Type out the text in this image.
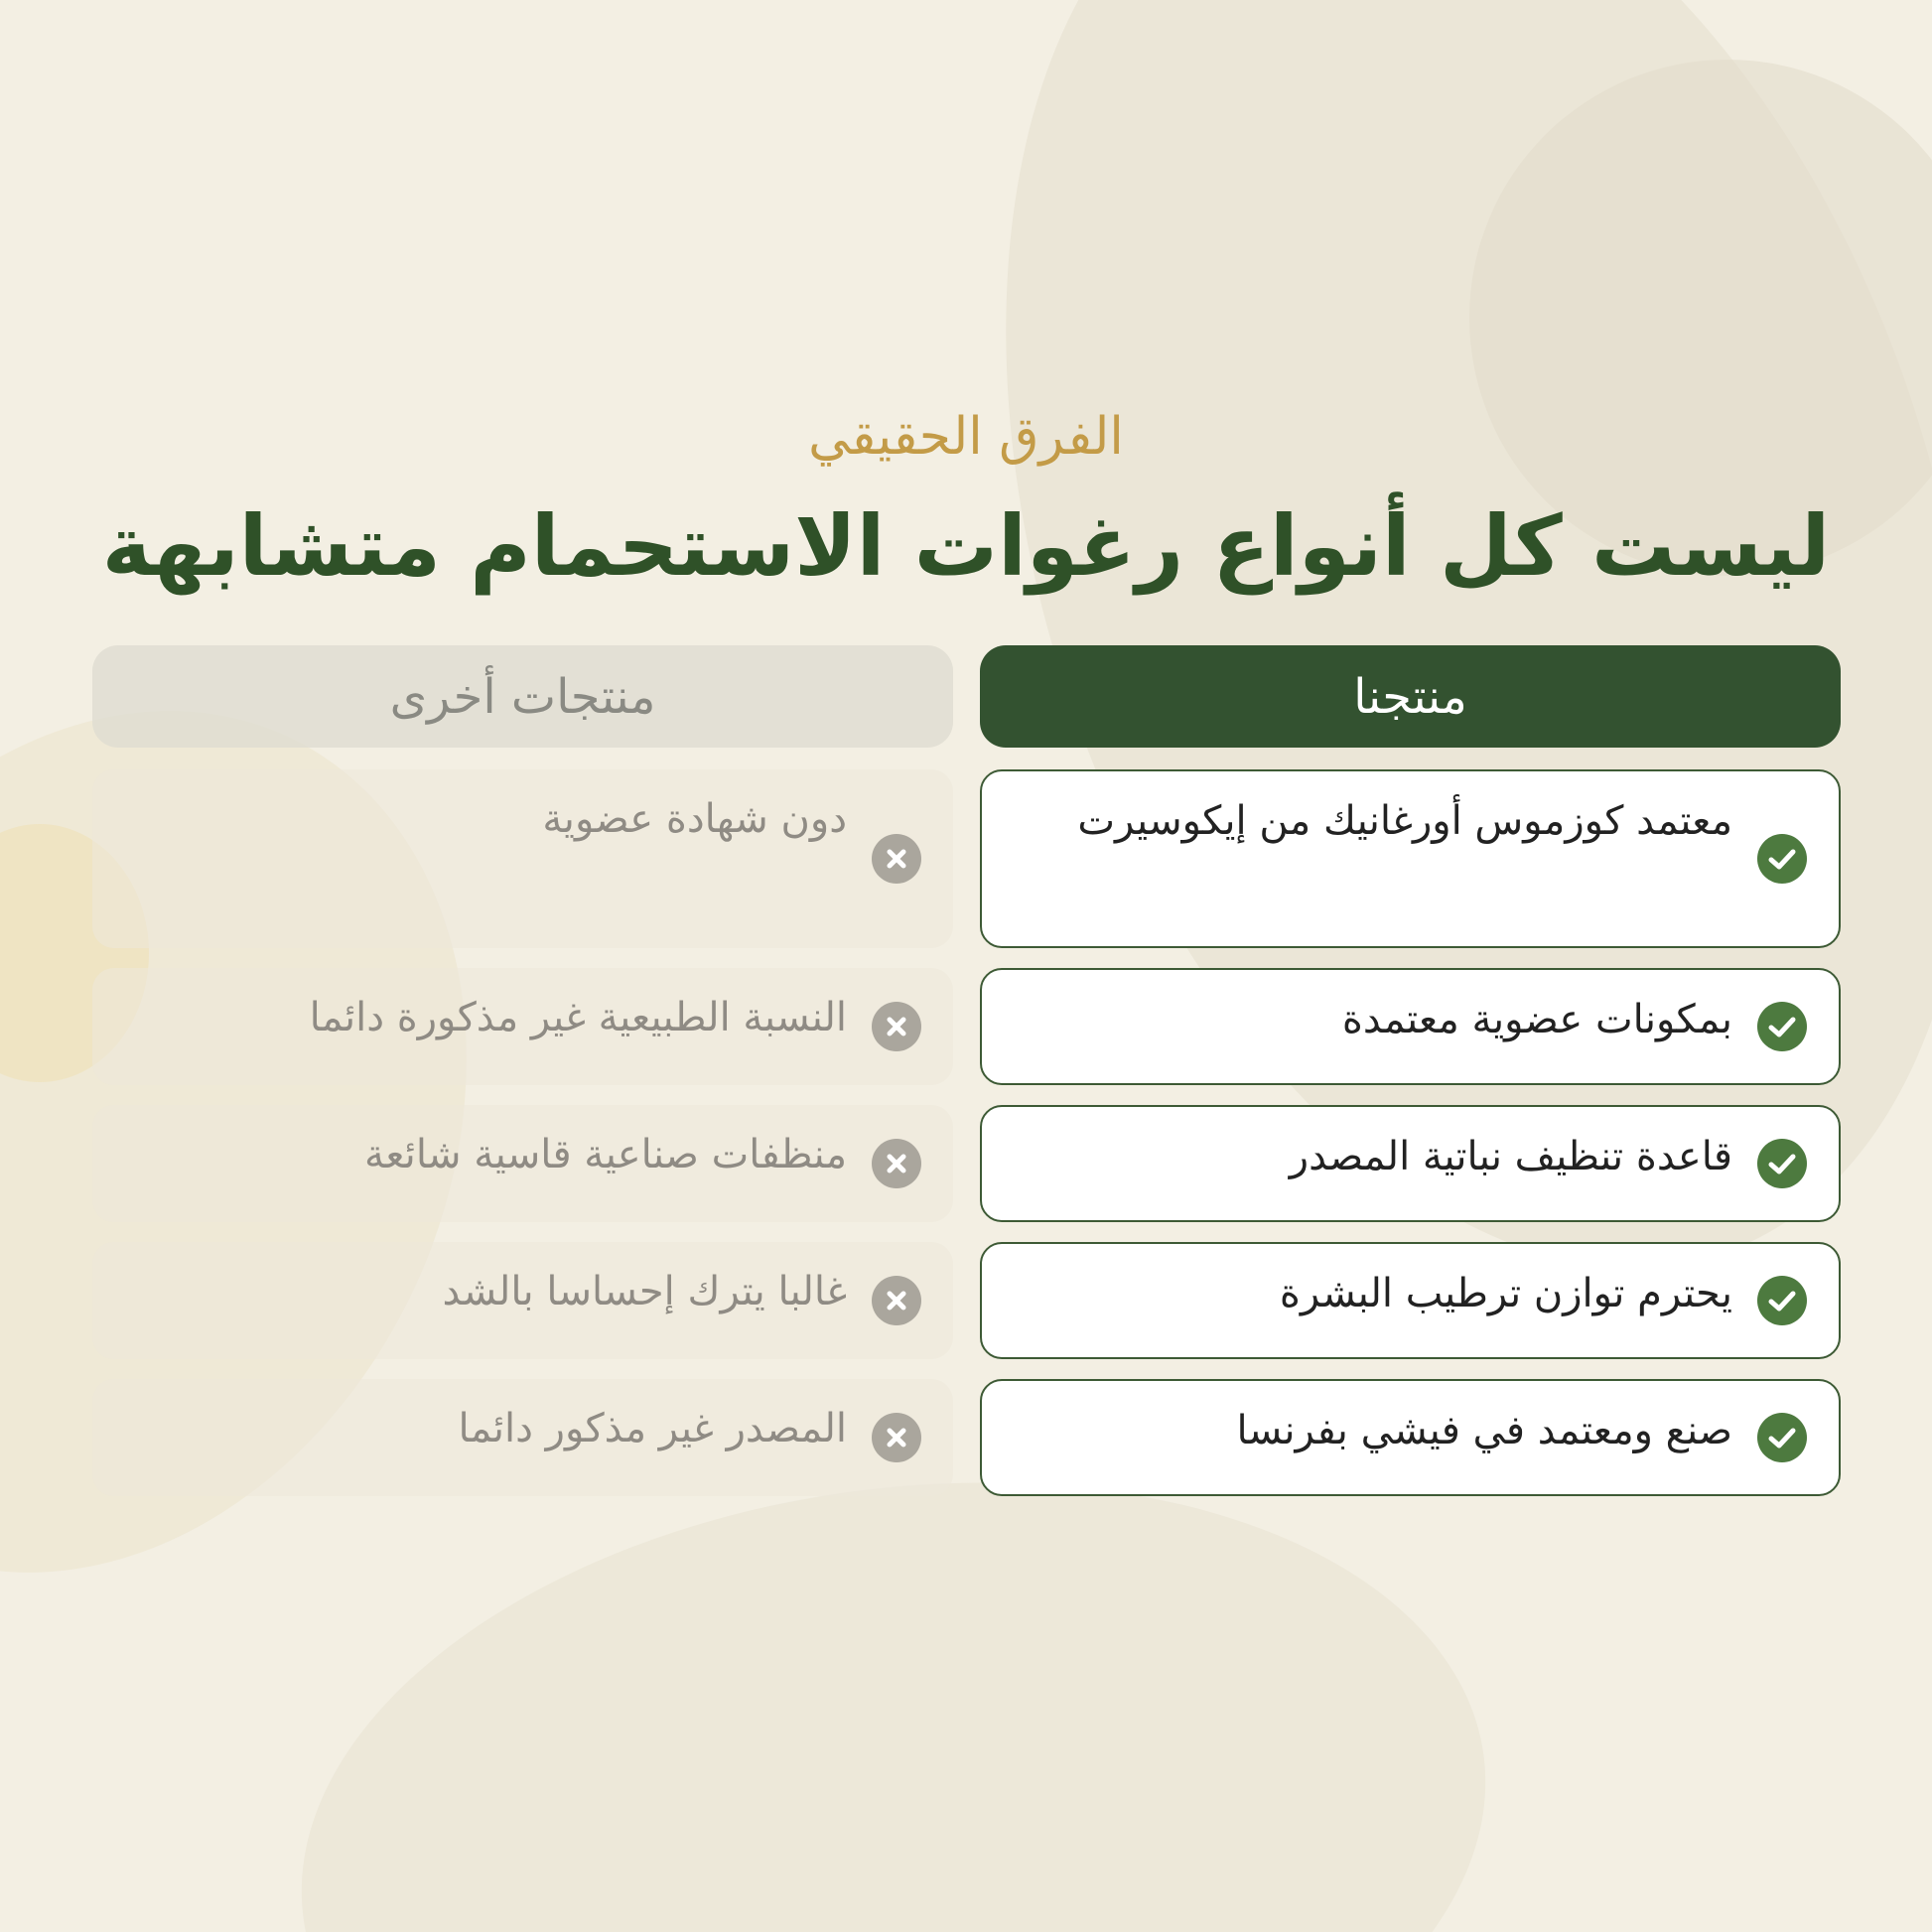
الفرق الحقيقي

ليست كل أنواع رغوات الاستحمام متشابهة
منتجنا
معتمد كوزموس أورغانيك من إيكوسيرت
بمكونات عضوية معتمدة
قاعدة تنظيف نباتية المصدر
يحترم توازن ترطيب البشرة
صنع ومعتمد في فيشي بفرنسا
منتجات أخرى
دون شهادة عضوية
النسبة الطبيعية غير مذكورة دائما
منظفات صناعية قاسية شائعة
غالبا يترك إحساسا بالشد
المصدر غير مذكور دائما
